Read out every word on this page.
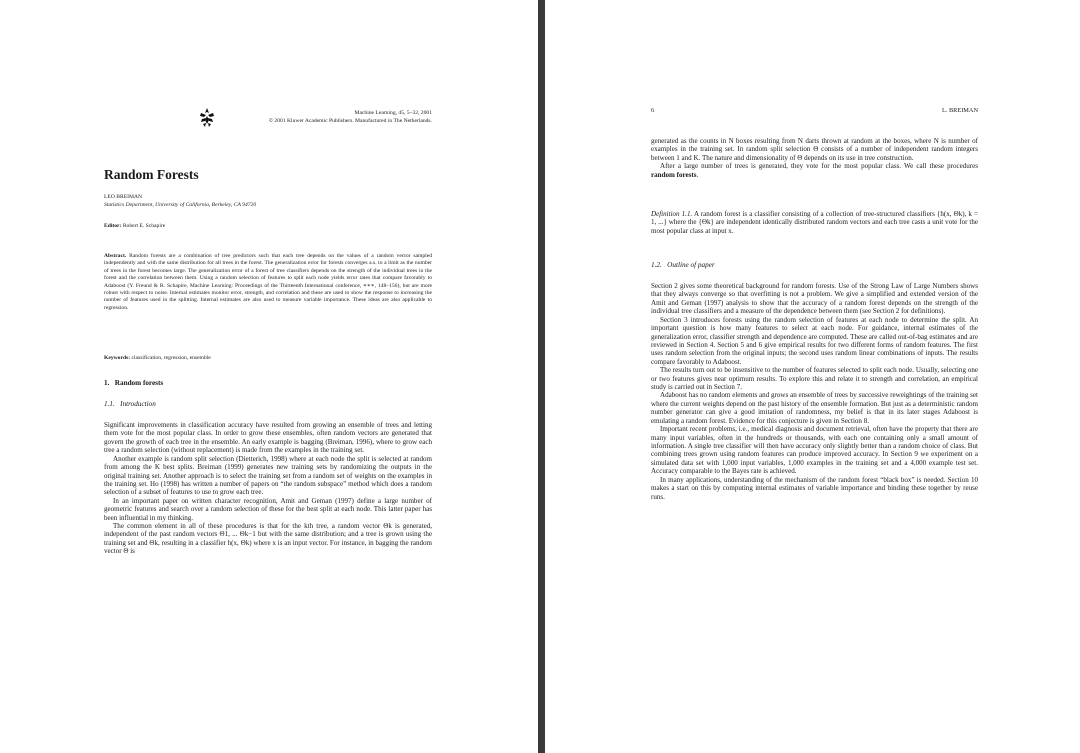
Machine Learning, 45, 5–32, 2001
© 2001 Kluwer Academic Publishers. Manufactured in The Netherlands.
Random Forests
LEO BREIMAN
Statistics Department, University of California, Berkeley, CA 94720
Editor: Robert E. Schapire
Abstract. Random forests are a combination of tree predictors such that each tree depends on the values of a random vector sampled independently and with the same distribution for all trees in the forest. The generalization error for forests converges a.s. to a limit as the number of trees in the forest becomes large. The generalization error of a forest of tree classifiers depends on the strength of the individual trees in the forest and the correlation between them. Using a random selection of features to split each node yields error rates that compare favorably to Adaboost (Y. Freund & R. Schapire, Machine Learning: Proceedings of the Thirteenth International conference, ∗∗∗, 148–156), but are more robust with respect to noise. Internal estimates monitor error, strength, and correlation and these are used to show the response to increasing the number of features used in the splitting. Internal estimates are also used to measure variable importance. These ideas are also applicable to regression.
Keywords: classification, regression, ensemble
1.   Random forests
1.1.   Introduction

Significant improvements in classification accuracy have resulted from growing an ensemble of trees and letting them vote for the most popular class. In order to grow these ensembles, often random vectors are generated that govern the growth of each tree in the ensemble. An early example is bagging (Breiman, 1996), where to grow each tree a random selection (without replacement) is made from the examples in the training set.

Another example is random split selection (Dietterich, 1998) where at each node the split is selected at random from among the K best splits. Breiman (1999) generates new training sets by randomizing the outputs in the original training set. Another approach is to select the training set from a random set of weights on the examples in the training set. Ho (1998) has written a number of papers on “the random subspace” method which does a random selection of a subset of features to use to grow each tree.

In an important paper on written character recognition, Amit and Geman (1997) define a large number of geometric features and search over a random selection of these for the best split at each node. This latter paper has been influential in my thinking.

The common element in all of these procedures is that for the kth tree, a random vector Θk is generated, independent of the past random vectors Θ1, ... Θk−1 but with the same distribution; and a tree is grown using the training set and Θk, resulting in a classifier h(x, Θk) where x is an input vector. For instance, in bagging the random vector Θ is

6	L. BREIMAN

generated as the counts in N boxes resulting from N darts thrown at random at the boxes, where N is number of examples in the training set. In random split selection Θ consists of a number of independent random integers between 1 and K. The nature and dimensionality of Θ depends on its use in tree construction.

After a large number of trees is generated, they vote for the most popular class. We call these procedures random forests.

Definition 1.1. A random forest is a classifier consisting of a collection of tree-structured classifiers {h(x, Θk), k = 1, ...} where the {Θk} are independent identically distributed random vectors and each tree casts a unit vote for the most popular class at input x.

1.2.   Outline of paper

Section 2 gives some theoretical background for random forests. Use of the Strong Law of Large Numbers shows that they always converge so that overfitting is not a problem. We give a simplified and extended version of the Amit and Geman (1997) analysis to show that the accuracy of a random forest depends on the strength of the individual tree classifiers and a measure of the dependence between them (see Section 2 for definitions).

Section 3 introduces forests using the random selection of features at each node to determine the split. An important question is how many features to select at each node. For guidance, internal estimates of the generalization error, classifier strength and dependence are computed. These are called out-of-bag estimates and are reviewed in Section 4. Section 5 and 6 give empirical results for two different forms of random features. The first uses random selection from the original inputs; the second uses random linear combinations of inputs. The results compare favorably to Adaboost.

The results turn out to be insensitive to the number of features selected to split each node. Usually, selecting one or two features gives near optimum results. To explore this and relate it to strength and correlation, an empirical study is carried out in Section 7.

Adaboost has no random elements and grows an ensemble of trees by successive reweightings of the training set where the current weights depend on the past history of the ensemble formation. But just as a deterministic random number generator can give a good imitation of randomness, my belief is that in its later stages Adaboost is emulating a random forest. Evidence for this conjecture is given in Section 8.

Important recent problems, i.e., medical diagnosis and document retrieval, often have the property that there are many input variables, often in the hundreds or thousands, with each one containing only a small amount of information. A single tree classifier will then have accuracy only slightly better than a random choice of class. But combining trees grown using random features can produce improved accuracy. In Section 9 we experiment on a simulated data set with 1,000 input variables, 1,000 examples in the training set and a 4,000 example test set. Accuracy comparable to the Bayes rate is achieved.

In many applications, understanding of the mechanism of the random forest “black box” is needed. Section 10 makes a start on this by computing internal estimates of variable importance and binding these together by reuse runs.
